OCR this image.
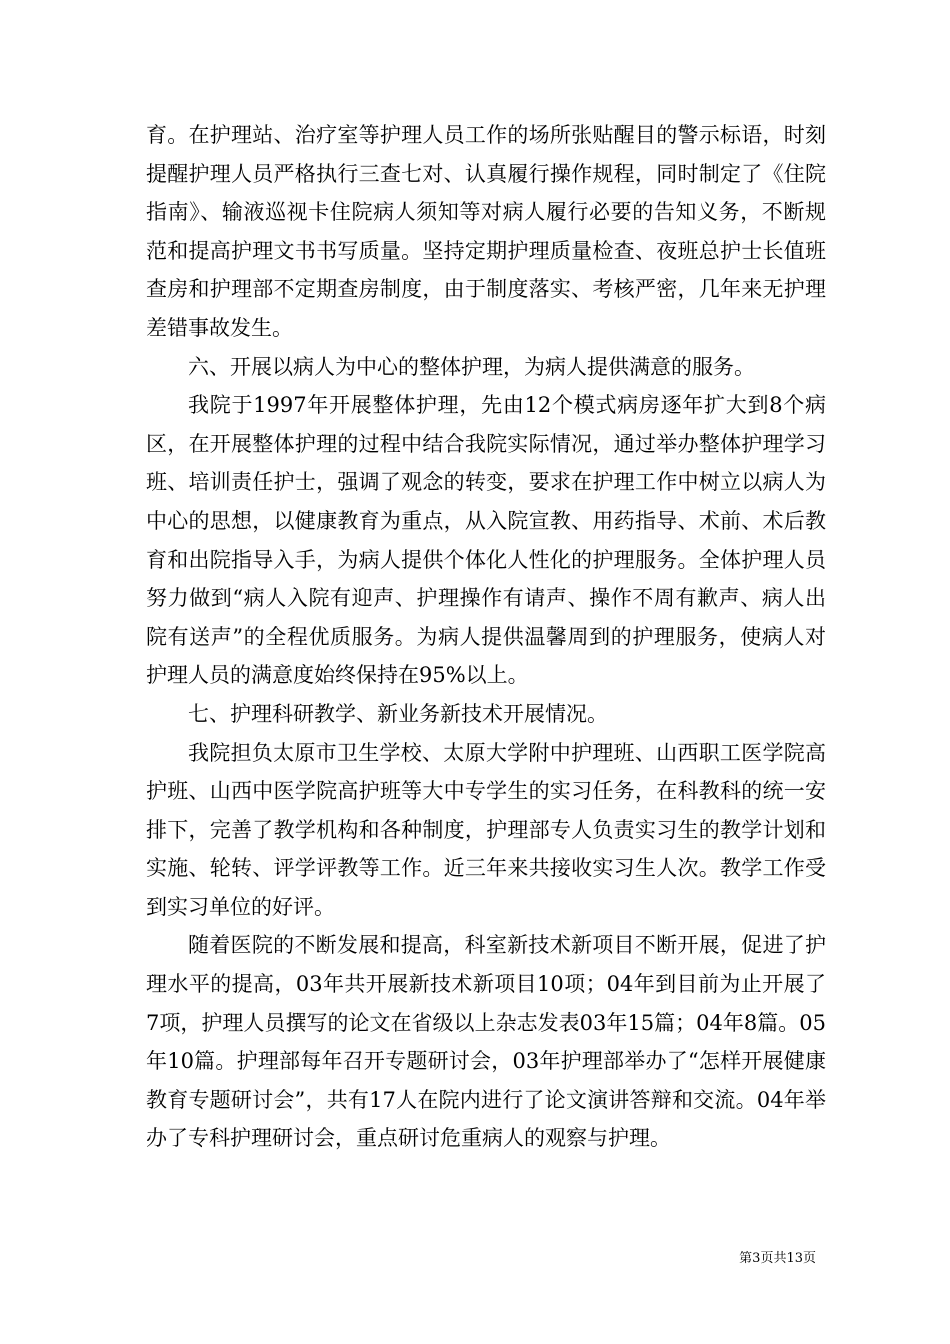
育。在护理站、治疗室等护理人员工作的场所张贴醒目的警示标语，时刻提醒护理人员严格执行三查七对、认真履行操作规程，同时制定了《住院指南》、输液巡视卡住院病人须知等对病人履行必要的告知义务，不断规范和提高护理文书书写质量。坚持定期护理质量检查、夜班总护士长值班查房和护理部不定期查房制度，由于制度落实、考核严密，几年来无护理差错事故发生。

六、开展以病人为中心的整体护理，为病人提供满意的服务。

我院于1997年开展整体护理，先由12个模式病房逐年扩大到8个病区，在开展整体护理的过程中结合我院实际情况，通过举办整体护理学习班、培训责任护士，强调了观念的转变，要求在护理工作中树立以病人为中心的思想，以健康教育为重点，从入院宣教、用药指导、术前、术后教育和出院指导入手，为病人提供个体化人性化的护理服务。全体护理人员努力做到“病人入院有迎声、护理操作有请声、操作不周有歉声、病人出院有送声”的全程优质服务。为病人提供温馨周到的护理服务，使病人对护理人员的满意度始终保持在95%以上。

七、护理科研教学、新业务新技术开展情况。

我院担负太原市卫生学校、太原大学附中护理班、山西职工医学院高护班、山西中医学院高护班等大中专学生的实习任务，在科教科的统一安排下，完善了教学机构和各种制度，护理部专人负责实习生的教学计划和实施、轮转、评学评教等工作。近三年来共接收实习生人次。教学工作受到实习单位的好评。

随着医院的不断发展和提高，科室新技术新项目不断开展，促进了护理水平的提高，03年共开展新技术新项目10项；04年到目前为止开展了7项，护理人员撰写的论文在省级以上杂志发表03年15篇；04年8篇。05年10篇。护理部每年召开专题研讨会，03年护理部举办了“怎样开展健康教育专题研讨会”，共有17人在院内进行了论文演讲答辩和交流。04年举办了专科护理研讨会，重点研讨危重病人的观察与护理。

第3页共13页
